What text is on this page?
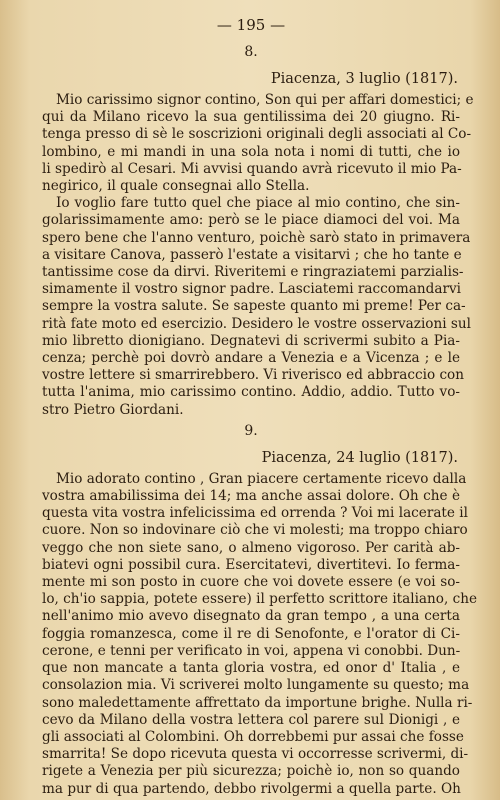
— 195 —
8.
Piacenza, 3 luglio (1817).
Mio carissimo signor contino, Son qui per affari domestici; e
qui da Milano ricevo la sua gentilissima dei 20 giugno. Ri-
tenga presso di sè le soscrizioni originali degli associati al Co-
lombino, e mi mandi in una sola nota i nomi di tutti, che io
li spedirò al Cesari. Mi avvisi quando avrà ricevuto il mio Pa-
negirico, il quale consegnai allo Stella.
Io voglio fare tutto quel che piace al mio contino, che sin-
golarissimamente amo: però se le piace diamoci del voi. Ma
spero bene che l'anno venturo, poichè sarò stato in primavera
a visitare Canova, passerò l'estate a visitarvi ; che ho tante e
tantissime cose da dirvi. Riveritemi e ringraziatemi parzialis-
simamente il vostro signor padre. Lasciatemi raccomandarvi
sempre la vostra salute. Se sapeste quanto mi preme! Per ca-
rità fate moto ed esercizio. Desidero le vostre osservazioni sul
mio libretto dionigiano. Degnatevi di scrivermi subito a Pia-
cenza; perchè poi dovrò andare a Venezia e a Vicenza ; e le
vostre lettere si smarrirebbero. Vi riverisco ed abbraccio con
tutta l'anima, mio carissimo contino. Addio, addio. Tutto vo-
stro Pietro Giordani.
9.
Piacenza, 24 luglio (1817).
Mio adorato contino , Gran piacere certamente ricevo dalla
vostra amabilissima dei 14; ma anche assai dolore. Oh che è
questa vita vostra infelicissima ed orrenda ? Voi mi lacerate il
cuore. Non so indovinare ciò che vi molesti; ma troppo chiaro
veggo che non siete sano, o almeno vigoroso. Per carità ab-
biatevi ogni possibil cura. Esercitatevi, divertitevi. Io ferma-
mente mi son posto in cuore che voi dovete essere (e voi so-
lo, ch'io sappia, potete essere) il perfetto scrittore italiano, che
nell'animo mio avevo disegnato da gran tempo , a una certa
foggia romanzesca, come il re di Senofonte, e l'orator di Ci-
cerone, e tenni per verificato in voi, appena vi conobbi. Dun-
que non mancate a tanta gloria vostra, ed onor d' Italia , e
consolazion mia. Vi scriverei molto lungamente su questo; ma
sono maledettamente affrettato da importune brighe. Nulla ri-
cevo da Milano della vostra lettera col parere sul Dionigi , e
gli associati al Colombini. Oh dorrebbemi pur assai che fosse
smarrita! Se dopo ricevuta questa vi occorresse scrivermi, di-
rigete a Venezia per più sicurezza; poichè io, non so quando
ma pur di qua partendo, debbo rivolgermi a quella parte. Oh
